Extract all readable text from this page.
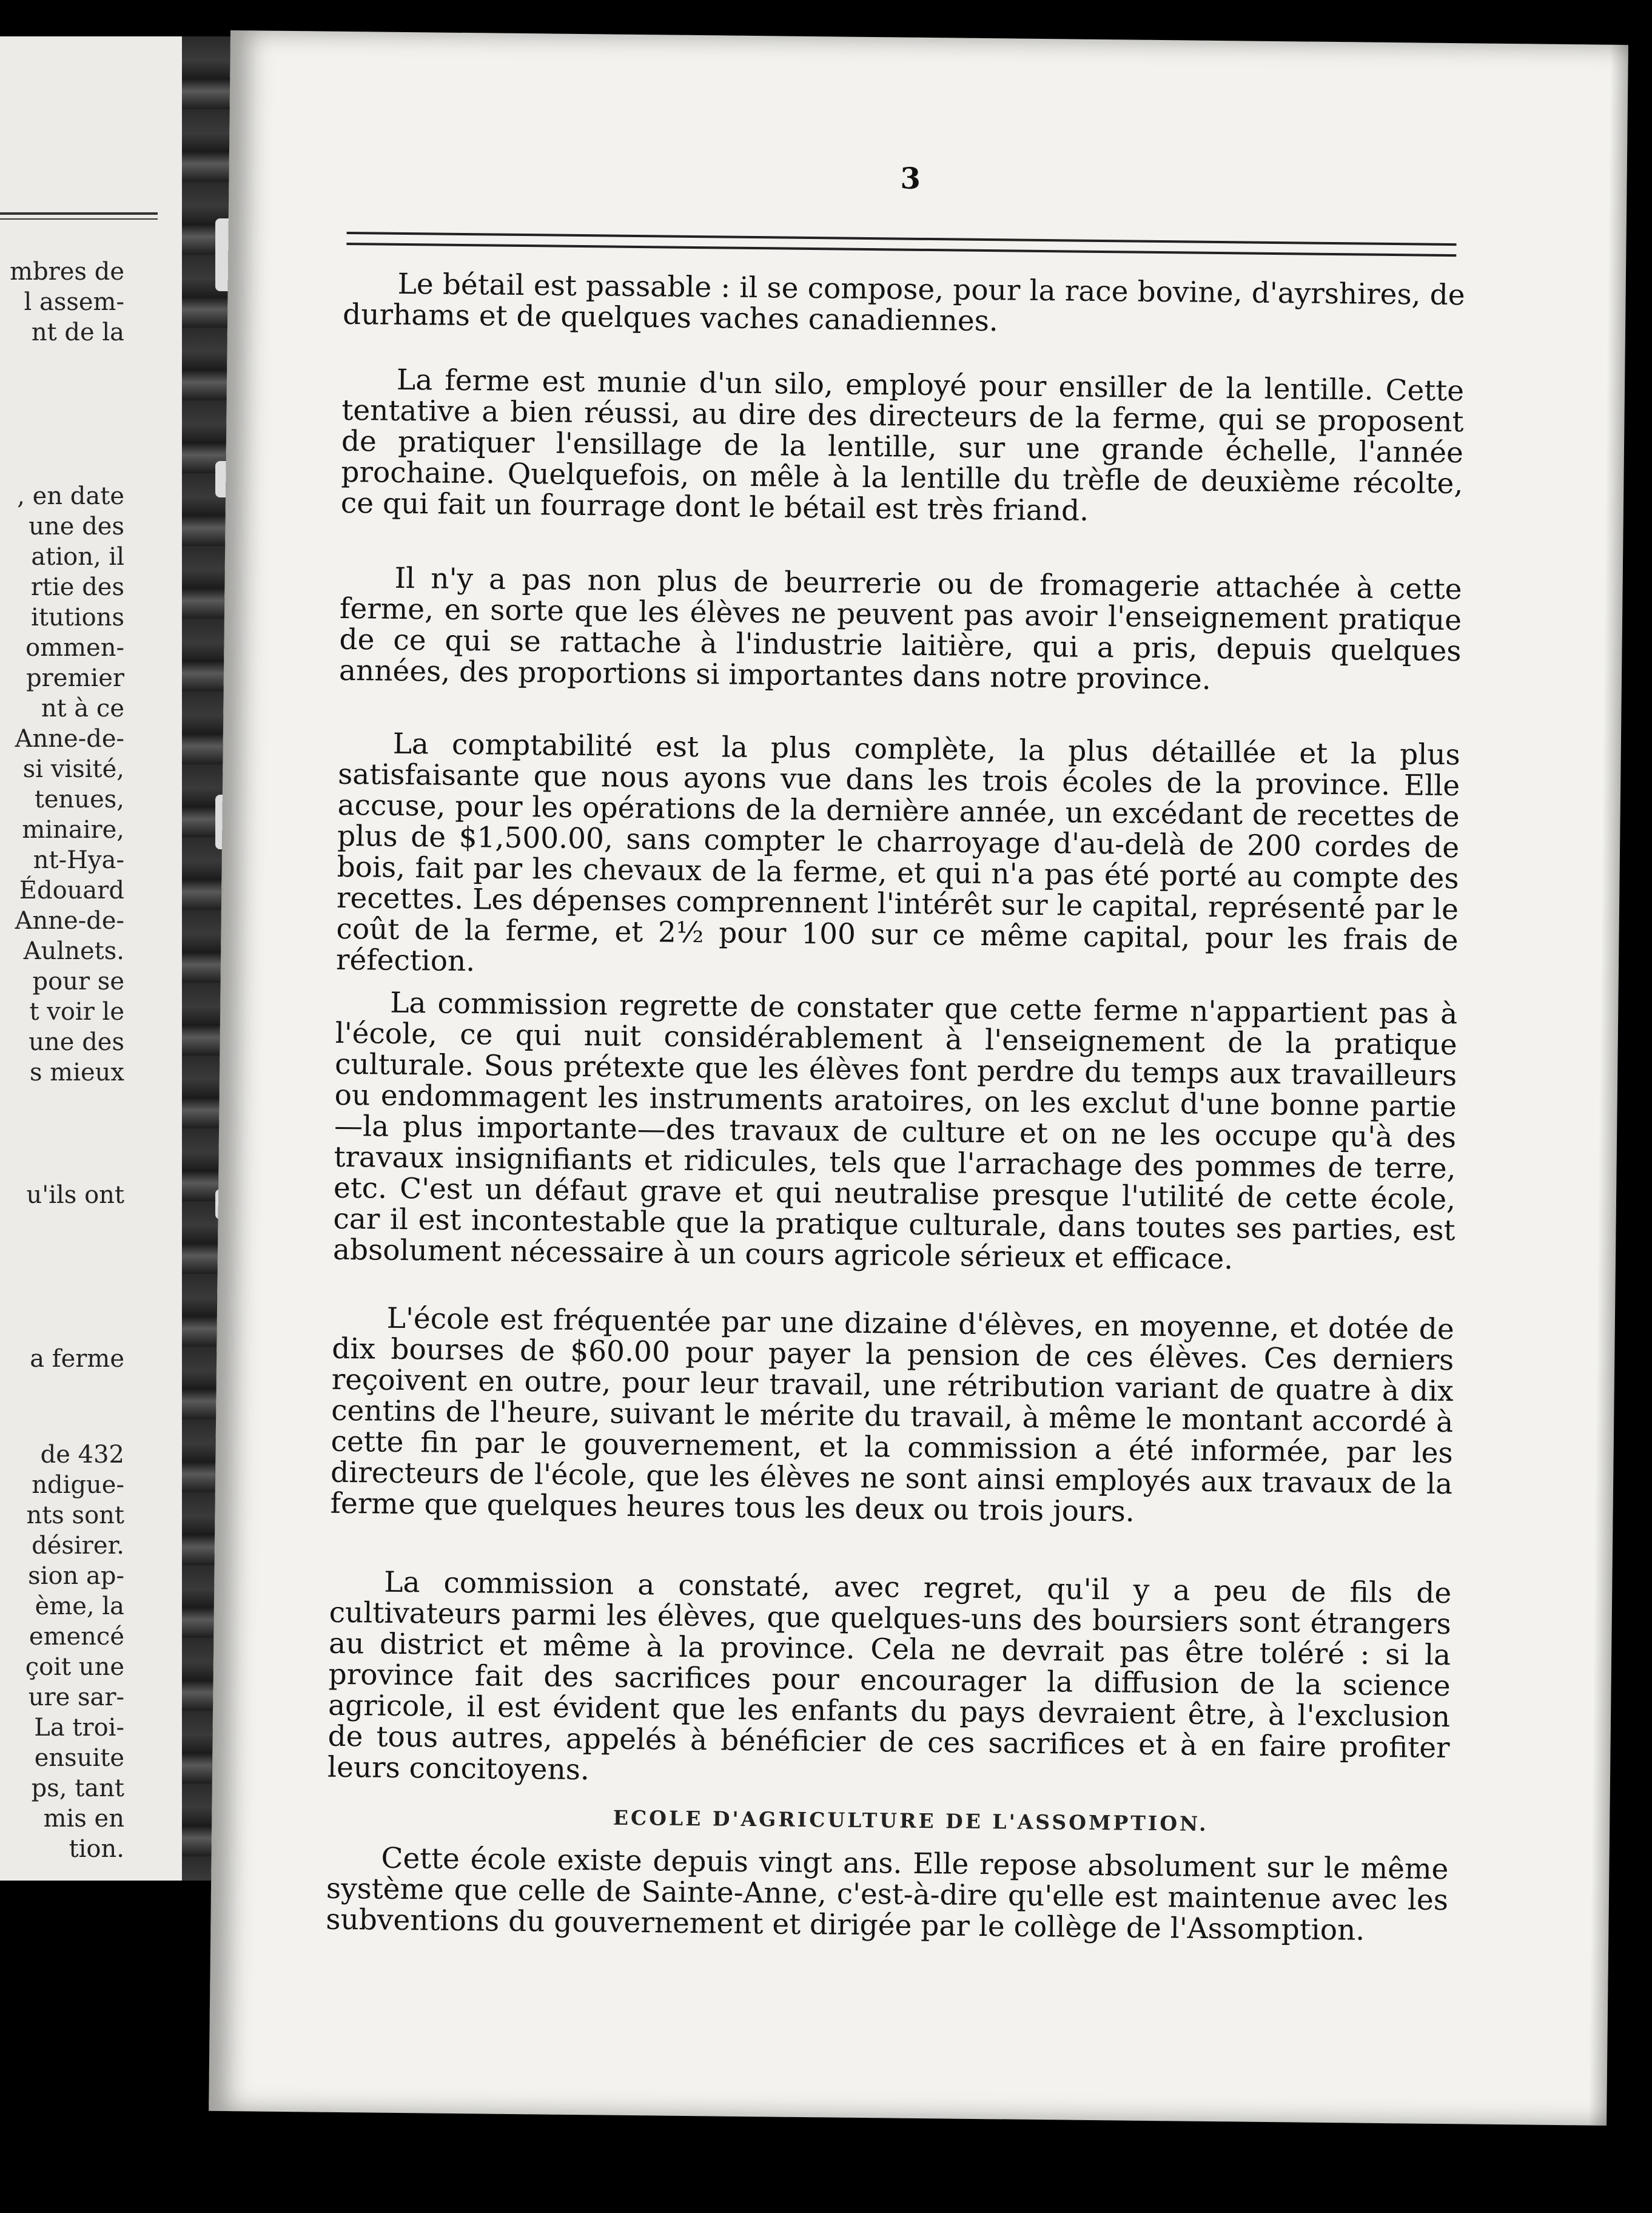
mbres de
l assem-
nt de la
, en date
une des
ation, il
rtie des
itutions
ommen-
premier
nt à ce
Anne-de-
si visité,
tenues,
minaire,
nt-Hya-
Édouard
Anne-de-
Aulnets.
pour se
t voir le
une des
s mieux
u'ils ont
a ferme
de 432
ndigue-
nts sont
désirer.
sion ap-
ème, la
emencé
çoit une
ure sar-
La troi-
ensuite
ps, tant
mis en
tion.
3

Le bétail est passable : il se compose, pour la race bovine, d'ayrshires, de durhams et de quelques vaches canadiennes.

La ferme est munie d'un silo, employé pour ensiller de la lentille. Cette tentative a bien réussi, au dire des directeurs de la ferme, qui se proposent de pratiquer l'ensillage de la lentille, sur une grande échelle, l'année prochaine. Quelquefois, on mêle à la lentille du trèfle de deuxième récolte, ce qui fait un fourrage dont le bétail est très friand.

Il n'y a pas non plus de beurrerie ou de fromagerie attachée à cette ferme, en sorte que les élèves ne peuvent pas avoir l'enseignement pratique de ce qui se rattache à l'industrie laitière, qui a pris, depuis quelques années, des proportions si importantes dans notre province.

La comptabilité est la plus complète, la plus détaillée et la plus satisfaisante que nous ayons vue dans les trois écoles de la province. Elle accuse, pour les opérations de la dernière année, un excédant de recettes de plus de $1,500.00, sans compter le charroyage d'au-delà de 200 cordes de bois, fait par les chevaux de la ferme, et qui n'a pas été porté au compte des recettes. Les dépenses comprennent l'intérêt sur le capital, représenté par le coût de la ferme, et 2½ pour 100 sur ce même capital, pour les frais de réfection.

La commission regrette de constater que cette ferme n'appartient pas à l'école, ce qui nuit considérablement à l'enseignement de la pratique culturale. Sous prétexte que les élèves font perdre du temps aux travailleurs ou endommagent les instruments aratoires, on les exclut d'une bonne partie—la plus importante—des travaux de culture et on ne les occupe qu'à des travaux insignifiants et ridicules, tels que l'arrachage des pommes de terre, etc. C'est un défaut grave et qui neutralise presque l'utilité de cette école, car il est incontestable que la pratique culturale, dans toutes ses parties, est absolument nécessaire à un cours agricole sérieux et efficace.

L'école est fréquentée par une dizaine d'élèves, en moyenne, et dotée de dix bourses de $60.00 pour payer la pension de ces élèves. Ces derniers reçoivent en outre, pour leur travail, une rétribution variant de quatre à dix centins de l'heure, suivant le mérite du travail, à même le montant accordé à cette fin par le gouvernement, et la commission a été informée, par les directeurs de l'école, que les élèves ne sont ainsi employés aux travaux de la ferme que quelques heures tous les deux ou trois jours.

La commission a constaté, avec regret, qu'il y a peu de fils de cultivateurs parmi les élèves, que quelques-uns des boursiers sont étrangers au district et même à la province. Cela ne devrait pas être toléré : si la province fait des sacrifices pour encourager la diffusion de la science agricole, il est évident que les enfants du pays devraient être, à l'exclusion de tous autres, appelés à bénéficier de ces sacrifices et à en faire profiter leurs concitoyens.

ECOLE D'AGRICULTURE DE L'ASSOMPTION.

Cette école existe depuis vingt ans. Elle repose absolument sur le même système que celle de Sainte-Anne, c'est-à-dire qu'elle est maintenue avec les subventions du gouvernement et dirigée par le collège de l'Assomption.
